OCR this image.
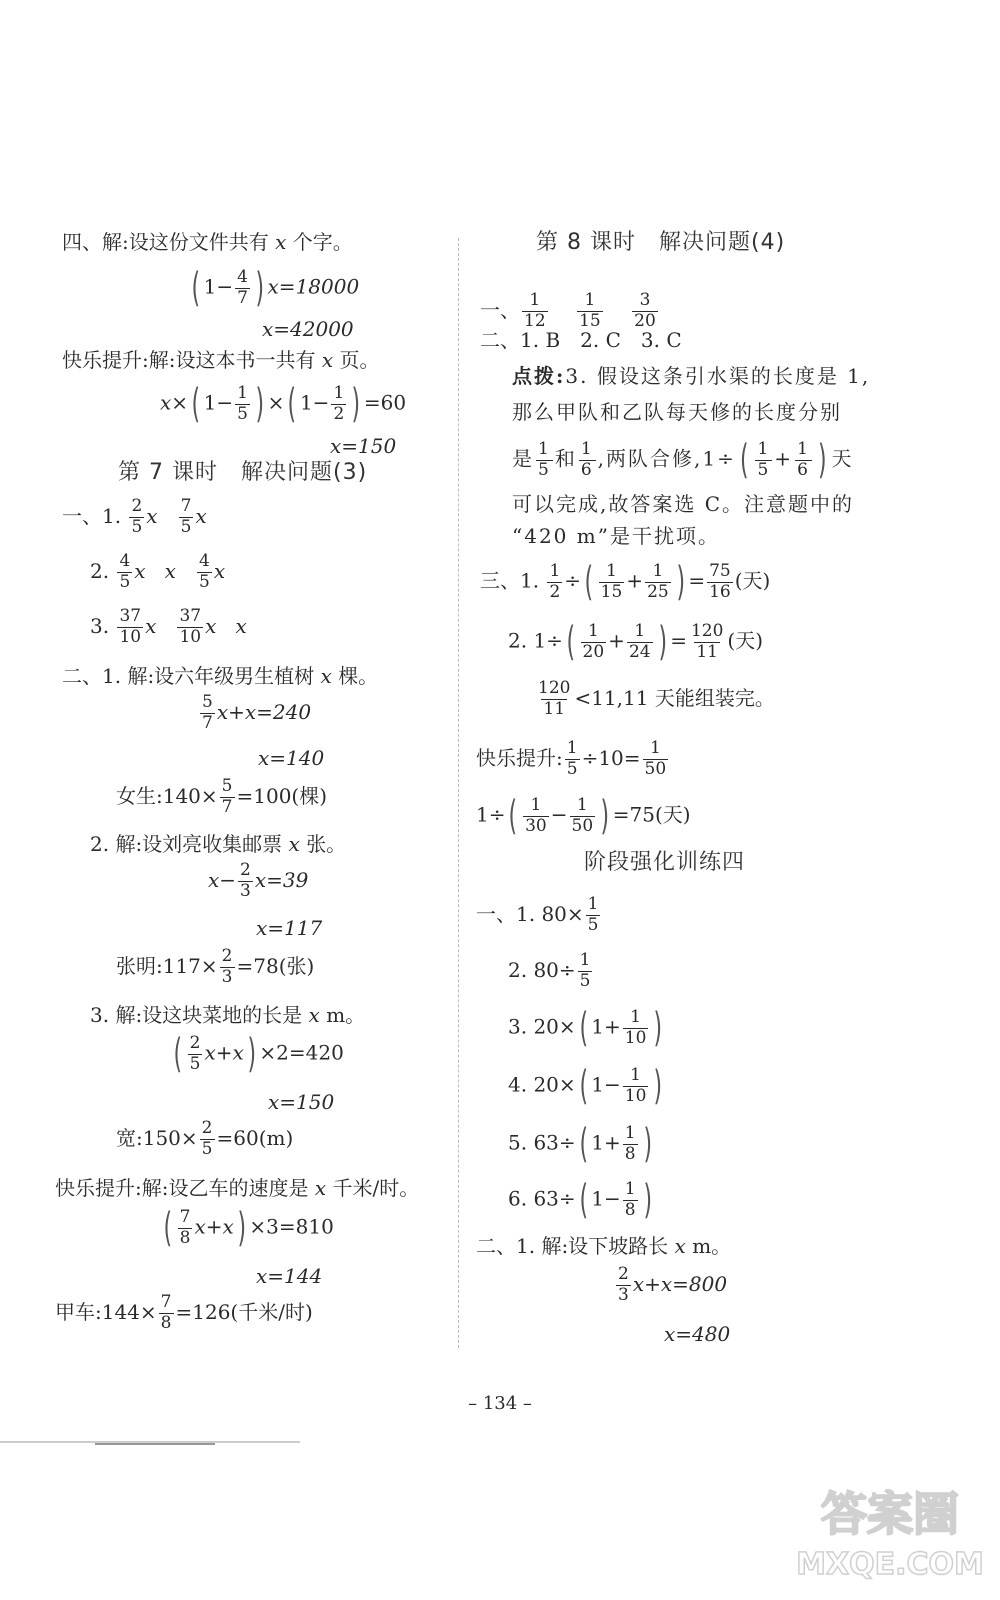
四、解:设这份文件共有 x 个字。
( $1- \frac{4}{7}$ ) x=18000
x=42000
快乐提升:解:设这本书一共有 x 页。
x×( $1- \frac{1}{5}$ ) ×( $1- \frac{1}{2}$ ) =60
x=150
第 7 课时　解决问题(3)
一、1. $\frac{2}{5}$ x $\frac{7}{5}$ x
2. $\frac{4}{5}$ x x $\frac{4}{5}$ x
3. $\frac{37}{10}$ x $\frac{37}{10}$ x x
二、1. 解:设六年级男生植树 x 棵。
$\frac{5}{7} x+x=240$
x=140
女生:140× $\frac{5}{7} =100$(棵)
2. 解:设刘亮收集邮票 x 张。
$x- \frac{2}{3} x=39$
x=117
张明:117× $\frac{2}{3} =78$(张)
3. 解:设这块菜地的长是 x m。
( $\frac{2}{5} x+x) \times 2=420$
x=150
宽:150× $\frac{2}{5} =60(m)$
快乐提升:解:设乙车的速度是 x 千米/时。
( $\frac{7}{8} x+x) \times 3=810$
x=144
甲车:144× $\frac{7}{8} =126$(千米/时)
第 8 课时　解决问题(4)
一、 $\frac{1}{12}$
$\frac{1}{15}$
$\frac{3}{20}$
二、1. B　2. C　3. C
点拨:3. 假设这条引水渠的长度是 1,
那么甲队和乙队每天修的长度分别
是 $\frac{1}{5}$ 和 $\frac{1}{6}$ ,两队合修$,1\div( \frac{1}{5} + \frac{1}{6}$ ) 天
可以完成,故答案选 C。注意题中的
“420 m”是干扰项。
三、1. $\frac{1}{2}$ ÷( $\frac{1}{15} + \frac{1}{25}$ ) = $\frac{75}{16}$ (天)
2. $1\div( \frac{1}{20} + \frac{1}{24}$ ) = $\frac{120}{11}$ (天)
$\frac{120}{11} <11,11$ 天能组装完。
快乐提升: $\frac{1}{5} \div 10= \frac{1}{50}$
$1\div( \frac{1}{30} - \frac{1}{50}$ ) =75(天)
阶段强化训练四
一、1. $80\times \frac{1}{5}$
2. $80\div \frac{1}{5}$
3. 20×( $1+ \frac{1}{10}$ )
4. 20×( $1- \frac{1}{10}$ )
5. 63÷( $1+ \frac{1}{8}$ )
6. 63÷( $1- \frac{1}{8}$ )
二、1. 解:设下坡路长 x m。
$\frac{2}{3} x+x=800$
x=480
– 134 –
答案圈
MXQE.COM
